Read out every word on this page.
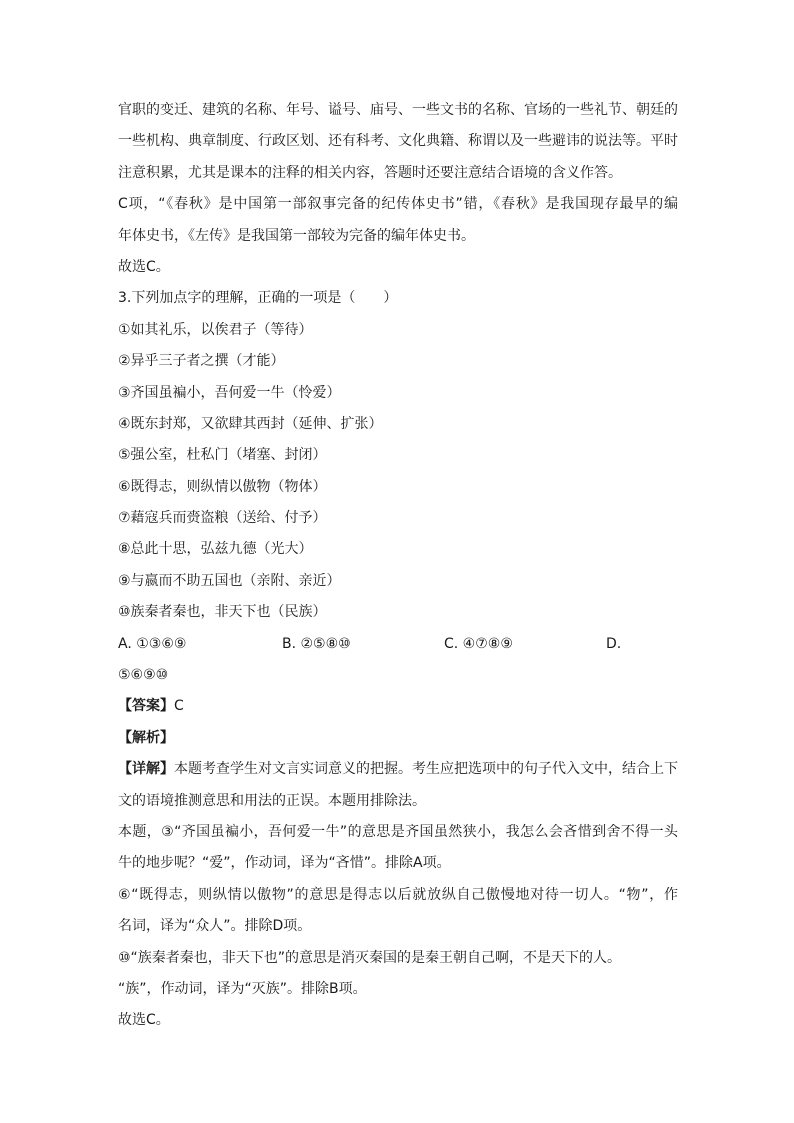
官职的变迁、建筑的名称、年号、谥号、庙号、一些文书的名称、官场的一些礼节、朝廷的
一些机构、典章制度、行政区划、还有科考、文化典籍、称谓以及一些避讳的说法等。平时
注意积累，尤其是课本的注释的相关内容，答题时还要注意结合语境的含义作答。
C项，“《春秋》是中国第一部叙事完备的纪传体史书”错，《春秋》是我国现存最早的编
年体史书，《左传》是我国第一部较为完备的编年体史书。
故选C。
3.下列加点字的理解，正确的一项是（　　）
①如其礼乐，以俟君子（等待）
②异乎三子者之撰（才能）
③齐国虽褊小，吾何爱一牛（怜爱）
④既东封郑，又欲肆其西封（延伸、扩张）
⑤强公室，杜私门（堵塞、封闭）
⑥既得志，则纵情以傲物（物体）
⑦藉寇兵而赍盗粮（送给、付予）
⑧总此十思，弘兹九德（光大）
⑨与嬴而不助五国也（亲附、亲近）
⑩族秦者秦也，非天下也（民族）
A. ①③⑥⑨	B. ②⑤⑧⑩	C. ④⑦⑧⑨	D.
⑤⑥⑨⑩
【答案】C
【解析】
【详解】本题考查学生对文言实词意义的把握。考生应把选项中的句子代入文中，结合上下
文的语境推测意思和用法的正误。本题用排除法。
本题，③“齐国虽褊小，吾何爱一牛”的意思是齐国虽然狭小，我怎么会吝惜到舍不得一头
牛的地步呢？“爱”，作动词，译为“吝惜”。排除A项。
⑥“既得志，则纵情以傲物”的意思是得志以后就放纵自己傲慢地对待一切人。“物”，作
名词，译为“众人”。排除D项。
⑩“族秦者秦也，非天下也”的意思是消灭秦国的是秦王朝自己啊，不是天下的人。
“族”，作动词，译为“灭族”。排除B项。
故选C。
